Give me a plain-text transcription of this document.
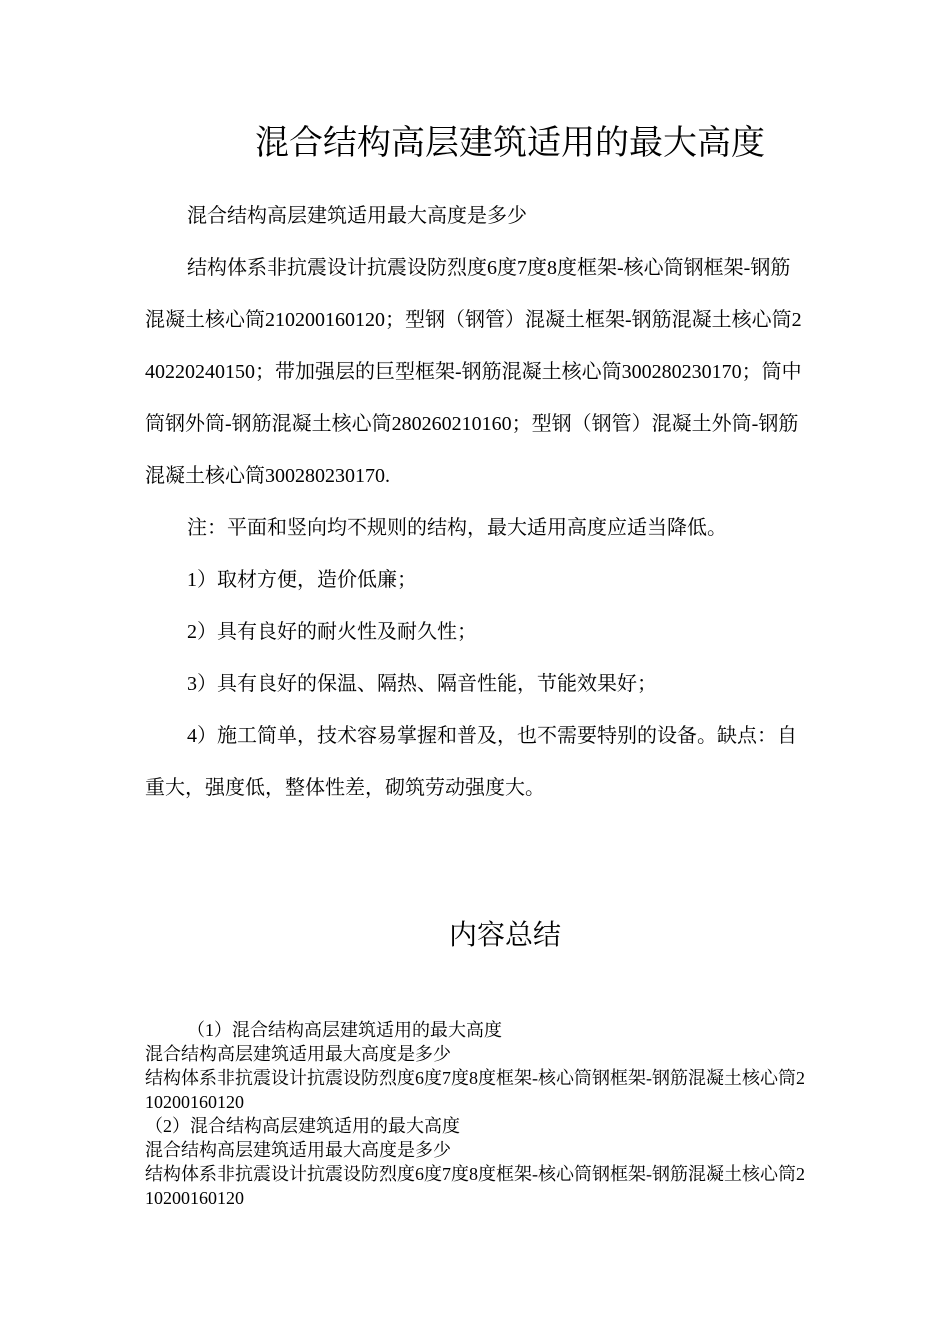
混合结构高层建筑适用的最大高度

混合结构高层建筑适用最大高度是多少

结构体系非抗震设计抗震设防烈度6度7度8度框架-核心筒钢框架-钢筋混凝土核心筒210200160120；型钢（钢管）混凝土框架-钢筋混凝土核心筒240220240150；带加强层的巨型框架-钢筋混凝土核心筒300280230170；筒中筒钢外筒-钢筋混凝土核心筒280260210160；型钢（钢管）混凝土外筒-钢筋混凝土核心筒300280230170.

注：平面和竖向均不规则的结构，最大适用高度应适当降低。

1）取材方便，造价低廉；

2）具有良好的耐火性及耐久性；

3）具有良好的保温、隔热、隔音性能，节能效果好；

4）施工简单，技术容易掌握和普及，也不需要特别的设备。缺点：自重大，强度低，整体性差，砌筑劳动强度大。

内容总结

（1）混合结构高层建筑适用的最大高度

混合结构高层建筑适用最大高度是多少

结构体系非抗震设计抗震设防烈度6度7度8度框架-核心筒钢框架-钢筋混凝土核心筒210200160120

（2）混合结构高层建筑适用的最大高度

混合结构高层建筑适用最大高度是多少

结构体系非抗震设计抗震设防烈度6度7度8度框架-核心筒钢框架-钢筋混凝土核心筒210200160120
